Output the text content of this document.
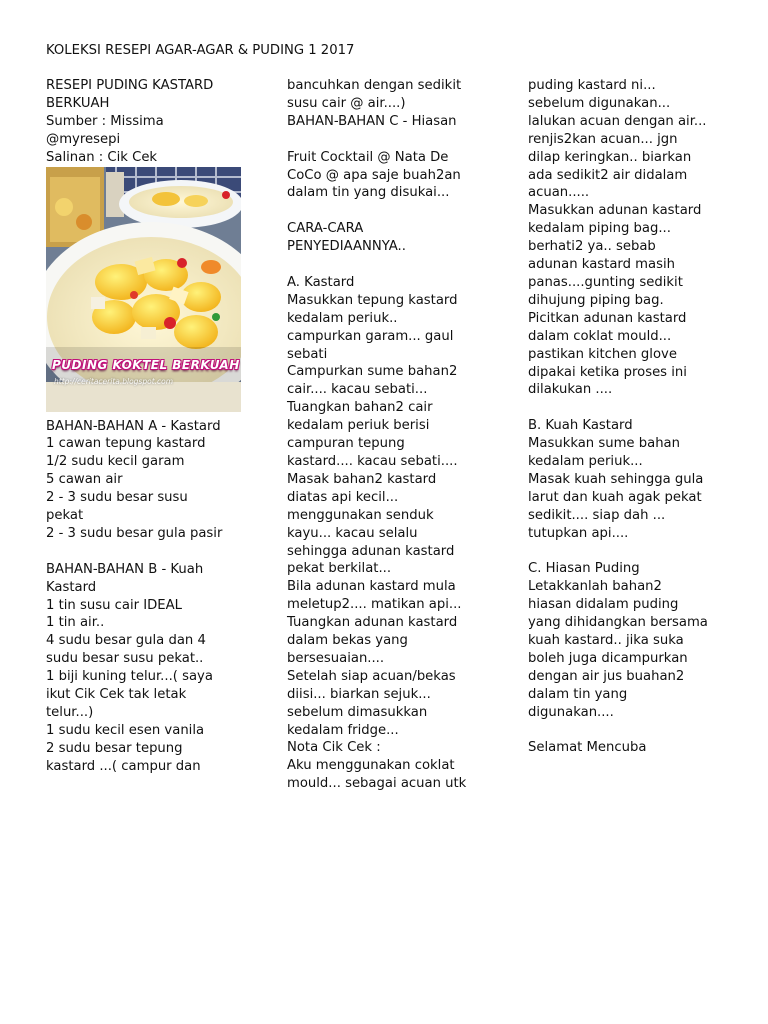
KOLEKSI RESEPI AGAR-AGAR & PUDING 1 2017
RESEPI PUDING KASTARD
BERKUAH
Sumber : Missima
@myresepi
Salinan : Cik Cek
PUDING KOKTEL BERKUAH
http://ceritacerita.blogspot.com
BAHAN-BAHAN A - Kastard
1 cawan tepung kastard
1/2 sudu kecil garam
5 cawan air
2 - 3 sudu besar susu
pekat
2 - 3 sudu besar gula pasir
BAHAN-BAHAN B - Kuah
Kastard
1 tin susu cair IDEAL
1 tin air..
4 sudu besar gula dan 4
sudu besar susu pekat..
1 biji kuning telur...( saya
ikut Cik Cek tak letak
telur...)
1 sudu kecil esen vanila
2 sudu besar tepung
kastard ...( campur dan
bancuhkan dengan sedikit
susu cair @ air....)
BAHAN-BAHAN C - Hiasan
Fruit Cocktail @ Nata De
CoCo @ apa saje buah2an
dalam tin yang disukai...
CARA-CARA
PENYEDIAANNYA..
A. Kastard
Masukkan tepung kastard
kedalam periuk..
campurkan garam... gaul
sebati
Campurkan sume bahan2
cair.... kacau sebati...
Tuangkan bahan2 cair
kedalam periuk berisi
campuran tepung
kastard.... kacau sebati....
Masak bahan2 kastard
diatas api kecil...
menggunakan senduk
kayu... kacau selalu
sehingga adunan kastard
pekat berkilat...
Bila adunan kastard mula
meletup2.... matikan api...
Tuangkan adunan kastard
dalam bekas yang
bersesuaian....
Setelah siap acuan/bekas
diisi... biarkan sejuk...
sebelum dimasukkan
kedalam fridge...
Nota Cik Cek :
Aku menggunakan coklat
mould... sebagai acuan utk
puding kastard ni...
sebelum digunakan...
lalukan acuan dengan air...
renjis2kan acuan... jgn
dilap keringkan.. biarkan
ada sedikit2 air didalam
acuan.....
Masukkan adunan kastard
kedalam piping bag...
berhati2 ya.. sebab
adunan kastard masih
panas....gunting sedikit
dihujung piping bag.
Picitkan adunan kastard
dalam coklat mould...
pastikan kitchen glove
dipakai ketika proses ini
dilakukan ....
B. Kuah Kastard
Masukkan sume bahan
kedalam periuk...
Masak kuah sehingga gula
larut dan kuah agak pekat
sedikit.... siap dah ...
tutupkan api....
C. Hiasan Puding
Letakkanlah bahan2
hiasan didalam puding
yang dihidangkan bersama
kuah kastard.. jika suka
boleh juga dicampurkan
dengan air jus buahan2
dalam tin yang
digunakan....
Selamat Mencuba
